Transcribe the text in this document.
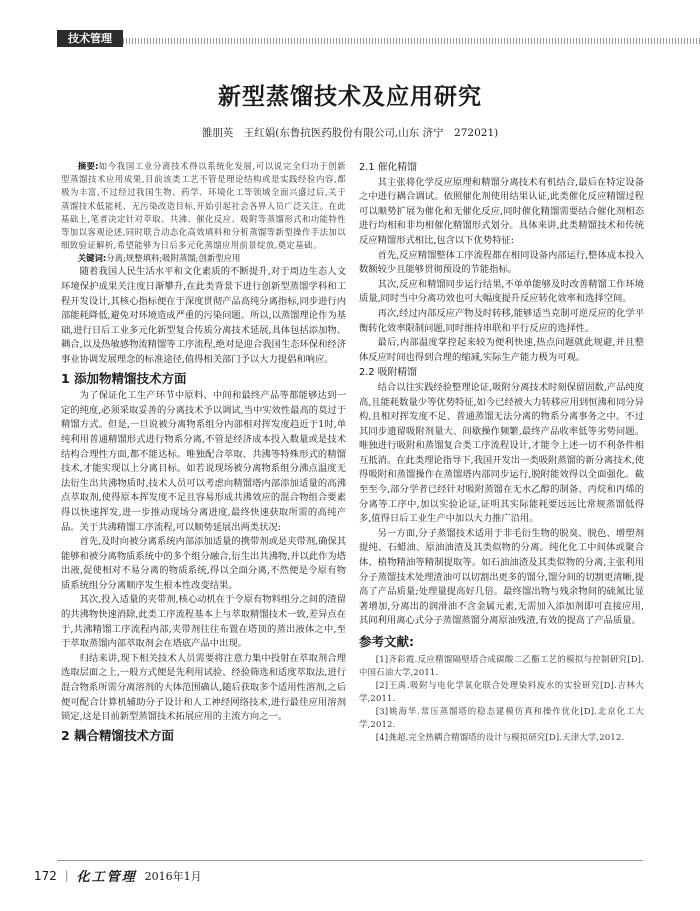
技术管理
新型蒸馏技术及应用研究
雒朋英　王红娟(东鲁抗医药股份有限公司,山东 济宁　272021)

摘要:如今我国工业分离技术得以系统化发展,可以说完全归功于创新型蒸馏技术应用成果,目前该类工艺不管是理论结构或是实践经验内容,都极为丰富,不过经过我国生物、药学、环境化工等领域全面兴盛过后,关于蒸馏技术低能耗、无污染改造目标,开始引起社会各界人员广泛关注。在此基础上,笔者决定针对萃取、共沸、催化反应、吸附等蒸馏形式和功能特性等加以客观论述,同时联合动态化高效填料和分析蒸馏等新型操作手法加以细致验证解析,希望能够为日后多元化蒸馏应用前景绽放,奠定基础。

关键词:分离;规整填料;吸附蒸馏;创新型应用

随着我国人民生活水平和文化素质的不断提升,对于周边生态人文环境保护成果关注度日渐攀升,在此类背景下进行创新型蒸馏学科和工程开发设计,其核心指标便在于深度贯彻产品高纯分离指标,同步进行内部能耗降低,避免对环境造成严重的污染问题。所以,以蒸馏理论作为基础,进行日后工业多元化新型复合传质分离技术延展,具体包括添加物、耦合,以及热敏感物流精馏等工序流程,绝对是迎合我国生态环保和经济事业协调发展理念的标准途径,值得相关部门予以大力提倡和响应。

1 添加物精馏技术方面

为了保证化工生产环节中原料、中间和最终产品等都能够达到一定的纯度,必须采取妥善的分离技术予以调试,当中实效性最高的莫过于精馏方式。但是,一旦说被分离物系组分内部相对挥发度趋近于1时,单纯利用普通精馏形式进行物系分离,不管是经济成本投入数量或是技术结构合理性方面,都不能达标。唯独配合萃取、共沸等特殊形式的精馏技术,才能实现以上分离目标。如若说现场被分离物系组分沸点温度无法衍生出共沸物质时,技术人员可以考虑向精馏塔内部添加适量的高沸点萃取剂,使得原本挥发度不足且容易形成共沸效应的混合物组合要素得以快速挥发,进一步推动现场分离进度,最终快速获取所需的高纯产品。关于共沸精馏工序流程,可以顺势延展出两类状况:

首先,及时向被分离系统内部添加适量的携带剂或是夹带剂,确保其能够和被分离物质系统中的多个组分融合,衍生出共沸物,并以此作为塔出液,促使相对不易分离的物质系统,得以全面分离,不然便是令原有物质系统组分分离顺序发生根本性改变结果。

其次,投入适量的夹带剂,核心动机在于令原有物料组分之间的渣留的共沸物快速消除,此类工序流程基本上与萃取精馏技术一致,差异点在于,共沸精馏工序流程内部,夹带剂往往布置在塔顶的蒸出液体之中,至于萃取蒸馏内部萃取剂会在塔底产品中出现。

归结来讲,现下相关技术人员需要将注意力集中投射在萃取剂合理选取层面之上,一般方式便是先利用试验、经验筛选和适度萃取法,进行混合物系所需分离溶剂的大体范围确认,随后获取多个适用性溶剂,之后便可配合计算机辅助分子设计和人工神经网络技术,进行最佳应用溶剂锁定,这是目前新型蒸馏技术拓展应用的主流方向之一。

2 耦合精馏技术方面
2.1 催化精馏

其主张将化学反应原理和精馏分离技术有机结合,最后在特定设备之中进行耦合调试。依照催化剂使用结果认证,此类催化反应精馏过程可以顺势扩展为催化和无催化反应,同时催化精馏需要结合催化剂相态进行均相和非均相催化精馏形式划分。具体来讲,此类精馏技术和传统反应精馏形式相比,包含以下优势特征:

首先,反应精馏整体工序流程都在相同设备内部运行,整体成本投入数额较少且能够贯彻预设的节能指标。

其次,反应和精馏同步运行结果,不单单能够及时改善精馏工作环境质量,同时当中分离功效也可大幅度提升反应转化效率和选择空间。

再次,经过内部反应产物及时转移,能够适当克制可逆反应的化学平衡转化效率限制问题,同时维持串联和平行反应的选择性。

最后,内部温度掌控起来较为便利快速,热点问题就此规避,并且整体反应时间也得到合理的缩减,实际生产能力极为可观。

2.2 吸附精馏

结合以往实践经验整理论证,吸附分离技术时刻保留固数,产品纯度高,且能耗数量少等优势特征,如今已经被大力转移应用到恒沸和同分异构,且相对挥发度不足、普通蒸馏无法分离的物系分离事务之中。不过其同步遗留吸附剂量大、间歇操作频繁,最终产品收率低等劣势问题。唯独进行吸附和蒸馏复合类工序流程设计,才能令上述一切不利条件相互抵消。在此类理论指导下,我国开发出一类吸附蒸馏的新分离技术,使得吸附和蒸馏操作在蒸馏塔内部同步运行,脱附能效得以全面强化。截至至今,部分学者已经针对吸附蒸馏在无水乙醇的制备、丙烷和丙烯的分离等工序中,加以实验论证,证明其实际能耗要远远比常规蒸馏低得多,值得日后工业生产中加以大力推广沿用。

另一方面,分子蒸馏技术适用于非毛衍生物的脱臭、脱色、增塑剂提纯、石蜡油、原油油渣及其类似物的分离。纯化化工中间体或聚合体、植物精油等精制提取等。如石油油渣及其类似物的分离,主张利用分子蒸馏技术处理渣油可以切割出更多的馏分,馏分间的切割更清晰,提高了产品质量;处理量提高好几倍。最终馏出物与残余物间的硫氮比显著增加,分离出的润滑油不含金属元素,无需加入添加剂即可直接应用,其间利用离心式分子蒸馏蒸馏分离原油残渣,有效的提高了产品质量。

参考文献:

[1]齐彩霞.反应精馏隔壁塔合成碳酸二乙酯工艺的模拟与控制研究[D].中国石油大学,2011.

[2]王禹.吸附与电化学氧化联合处理染料废水的实验研究[D].吉林大学,2011.

[3]姚海华.常压蒸馏塔的稳态建模仿真和操作优化[D].北京化工大学,2012.

[4]龚超.完全热耦合精馏塔的设计与模拟研究[D].天津大学,2012.

172 | 化工管理 2016年1月
